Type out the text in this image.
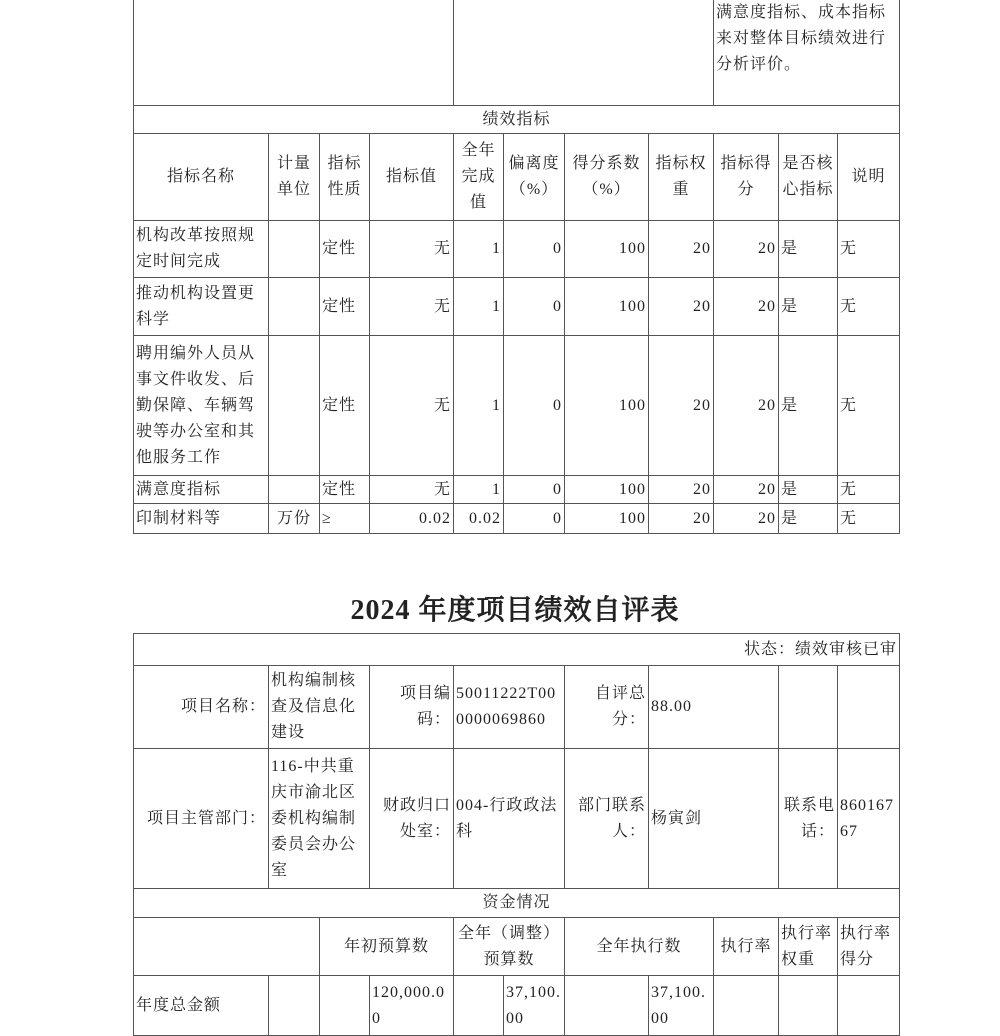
								满意度指标、成本指标来对整体目标绩效进行分析评价。		
绩效指标										
指标名称	计量单位	指标性质	指标值	全年完成值	偏离度（%）	得分系数（%）	指标权重	指标得分	是否核心指标	说明
机构改革按照规定时间完成		定性	无	1	0	100	20	20	是	无
推动机构设置更科学		定性	无	1	0	100	20	20	是	无
聘用编外人员从事文件收发、后勤保障、车辆驾驶等办公室和其他服务工作		定性	无	1	0	100	20	20	是	无
满意度指标		定性	无	1	0	100	20	20	是	无
印制材料等	万份	≥	0.02	0.02	0	100	20	20	是	无
2024 年度项目绩效自评表
状态：绩效审核已审										
项目名称：	机构编制核查及信息化建设		项目编码：	50011222T000000069860		自评总分：	88.00			
项目主管部门：	116-中共重庆市渝北区委机构编制委员会办公室		财政归口处室：	004-行政政法科		部门联系人：	杨寅剑		联系电话：	86016767
资金情况										
		年初预算数		全年（调整）预算数		全年执行数		执行率	执行率权重	执行率得分
年度总金额			120,000.00		37,100.00		37,100.00			
